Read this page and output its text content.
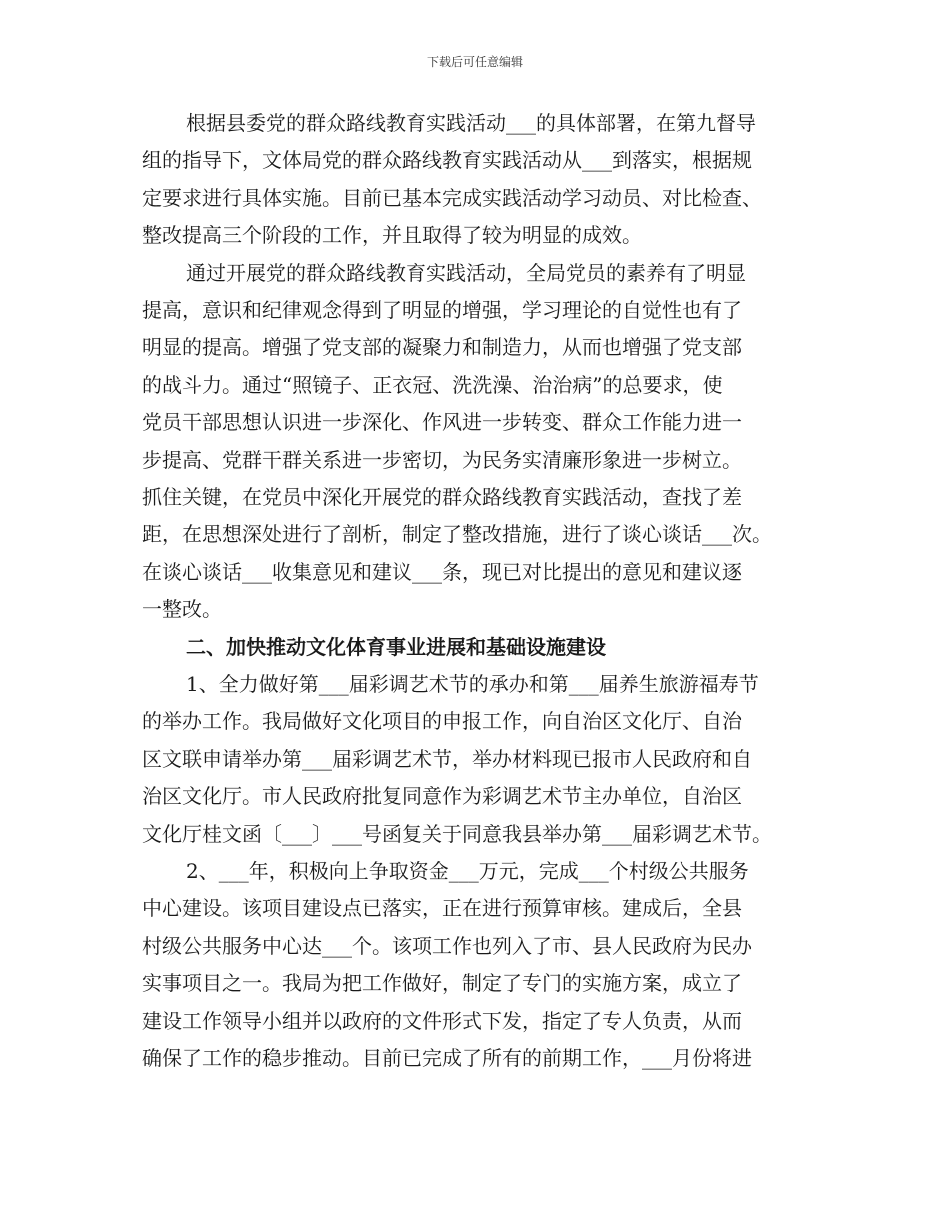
下载后可任意编辑
根据县委党的群众路线教育实践活动___的具体部署，在第九督导
组的指导下，文体局党的群众路线教育实践活动从___到落实，根据规
定要求进行具体实施。目前已基本完成实践活动学习动员、对比检查、
整改提高三个阶段的工作，并且取得了较为明显的成效。
通过开展党的群众路线教育实践活动，全局党员的素养有了明显
提高，意识和纪律观念得到了明显的增强，学习理论的自觉性也有了
明显的提高。增强了党支部的凝聚力和制造力，从而也增强了党支部
的战斗力。通过“照镜子、正衣冠、洗洗澡、治治病”的总要求，使
党员干部思想认识进一步深化、作风进一步转变、群众工作能力进一
步提高、党群干群关系进一步密切，为民务实清廉形象进一步树立。
抓住关键，在党员中深化开展党的群众路线教育实践活动，查找了差
距，在思想深处进行了剖析，制定了整改措施，进行了谈心谈话___次。
在谈心谈话___收集意见和建议___条，现已对比提出的意见和建议逐
一整改。
二、加快推动文化体育事业进展和基础设施建设
1、全力做好第___届彩调艺术节的承办和第___届养生旅游福寿节
的举办工作。我局做好文化项目的申报工作，向自治区文化厅、自治
区文联申请举办第___届彩调艺术节，举办材料现已报市人民政府和自
治区文化厅。市人民政府批复同意作为彩调艺术节主办单位，自治区
文化厅桂文函〔___〕___号函复关于同意我县举办第___届彩调艺术节。
2、___年，积极向上争取资金___万元，完成___个村级公共服务
中心建设。该项目建设点已落实，正在进行预算审核。建成后，全县
村级公共服务中心达___个。该项工作也列入了市、县人民政府为民办
实事项目之一。我局为把工作做好，制定了专门的实施方案，成立了
建设工作领导小组并以政府的文件形式下发，指定了专人负责，从而
确保了工作的稳步推动。目前已完成了所有的前期工作，___月份将进
